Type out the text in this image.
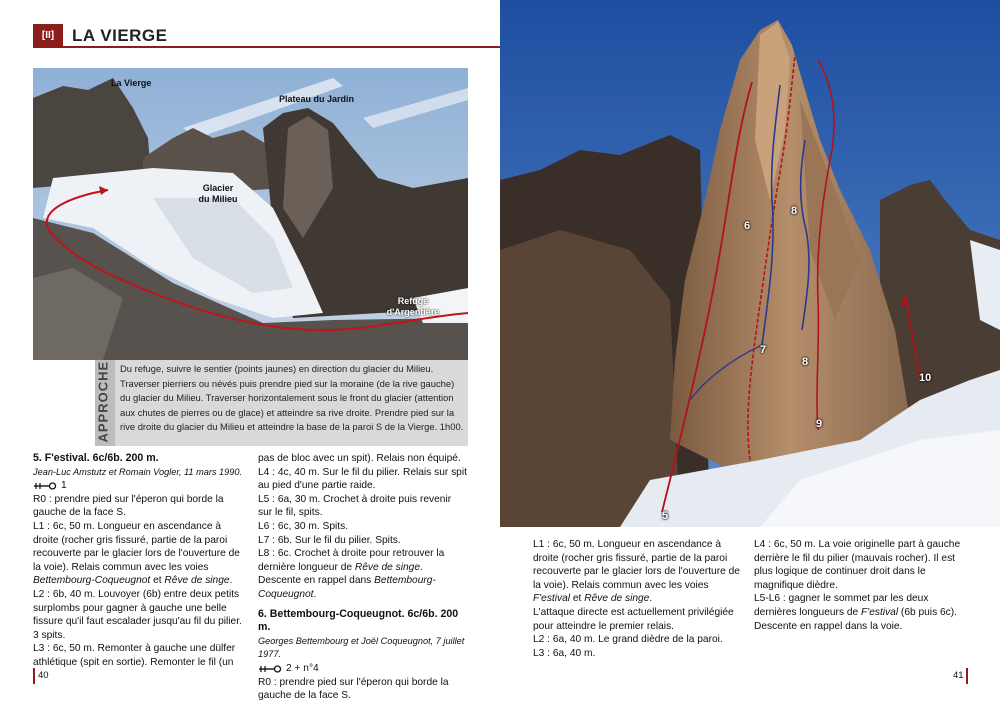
[II]	LA VIERGE
La Vierge
Plateau du Jardin
Glacier
du Milieu
Refuge
d'Argentière
APPROCHE Du refuge, suivre le sentier (points jaunes) en direction du glacier du Milieu. Traverser pierriers ou névés puis prendre pied sur la moraine (de la rive gauche) du glacier du Milieu. Traverser horizontalement sous le front du glacier (attention aux chutes de pierres ou de glace) et atteindre sa rive droite. Prendre pied sur la rive droite du glacier du Milieu et atteindre la base de la paroi S de la Vierge. 1h00.

5. F'estival. 6c/6b. 200 m.

Jean-Luc Amstutz et Romain Vogler, 11 mars 1990.

1

R0 : prendre pied sur l'éperon qui borde la gauche de la face S.

L1 : 6c, 50 m. Longueur en ascendance à droite (rocher gris fissuré, partie de la paroi recouverte par le glacier lors de l'ouverture de la voie). Relais commun avec les voies Bettembourg-Coqueugnot et Rêve de singe.

L2 : 6b, 40 m. Louvoyer (6b) entre deux petits surplombs pour gagner à gauche une belle fissure qu'il faut escalader jusqu'au fil du pilier. 3 spits.

L3 : 6c, 50 m. Remonter à gauche une dülfer athlétique (spit en sortie). Remonter le fil (un

pas de bloc avec un spit). Relais non équipé.

L4 : 4c, 40 m. Sur le fil du pilier. Relais sur spit au pied d'une partie raide.

L5 : 6a, 30 m. Crochet à droite puis revenir sur le fil, spits.

L6 : 6c, 30 m. Spits.

L7 : 6b. Sur le fil du pilier. Spits.

L8 : 6c. Crochet à droite pour retrouver la dernière longueur de Rêve de singe.

Descente en rappel dans Bettembourg-Coqueugnot.

6. Bettembourg-Coqueugnot. 6c/6b. 200 m.

Georges Bettembourg et Joël Coqueugnot, 7 juillet 1977.

2 + n°4

R0 : prendre pied sur l'éperon qui borde la gauche de la face S.

40
5
6
7
8
8
9
10

L1 : 6c, 50 m. Longueur en ascendance à droite (rocher gris fissuré, partie de la paroi recouverte par le glacier lors de l'ouverture de la voie). Relais commun avec les voies F'estival et Rêve de singe.

L'attaque directe est actuellement privilégiée pour atteindre le premier relais.

L2 : 6a, 40 m. Le grand dièdre de la paroi.

L3 : 6a, 40 m.

L4 : 6c, 50 m. La voie originelle part à gauche derrière le fil du pilier (mauvais rocher). Il est plus logique de continuer droit dans le magnifique dièdre.

L5-L6 : gagner le sommet par les deux dernières longueurs de F'estival (6b puis 6c).

Descente en rappel dans la voie.

41
